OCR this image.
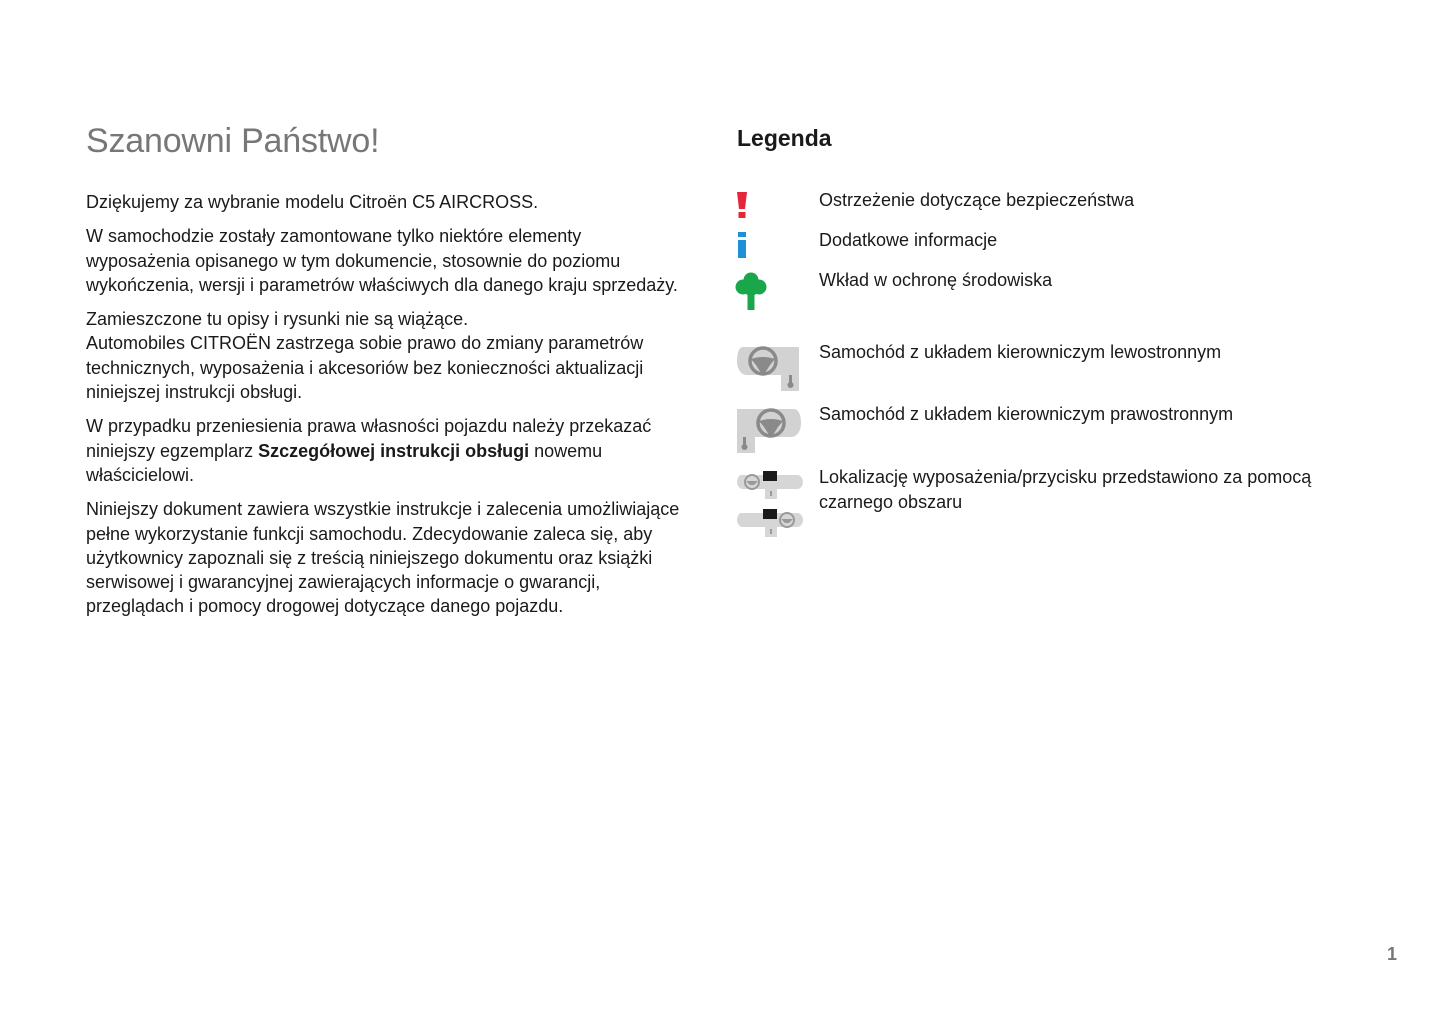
Szanowni Państwo!

Dziękujemy za wybranie modelu Citroën C5 AIRCROSS.

W samochodzie zostały zamontowane tylko niektóre elementy wyposażenia opisanego w tym dokumencie, stosownie do poziomu wykończenia, wersji i parametrów właściwych dla danego kraju sprzedaży.

Zamieszczone tu opisy i rysunki nie są wiążące.
Automobiles CITROËN zastrzega sobie prawo do zmiany parametrów technicznych, wyposażenia i akcesoriów bez konieczności aktualizacji niniejszej instrukcji obsługi.

W przypadku przeniesienia prawa własności pojazdu należy przekazać niniejszy egzemplarz Szczegółowej instrukcji obsługi nowemu właścicielowi.

Niniejszy dokument zawiera wszystkie instrukcje i zalecenia umożliwiające pełne wykorzystanie funkcji samochodu. Zdecydowanie zaleca się, aby użytkownicy zapoznali się z treścią niniejszego dokumentu oraz książki serwisowej i gwarancyjnej zawierających informacje o gwarancji, przeglądach i pomocy drogowej dotyczące danego pojazdu.

Legenda
Ostrzeżenie dotyczące bezpieczeństwa
Dodatkowe informacje
Wkład w ochronę środowiska
Samochód z układem kierowniczym lewostronnym
Samochód z układem kierowniczym prawostronnym
Lokalizację wyposażenia/przycisku przedstawiono za pomocą czarnego obszaru
1
